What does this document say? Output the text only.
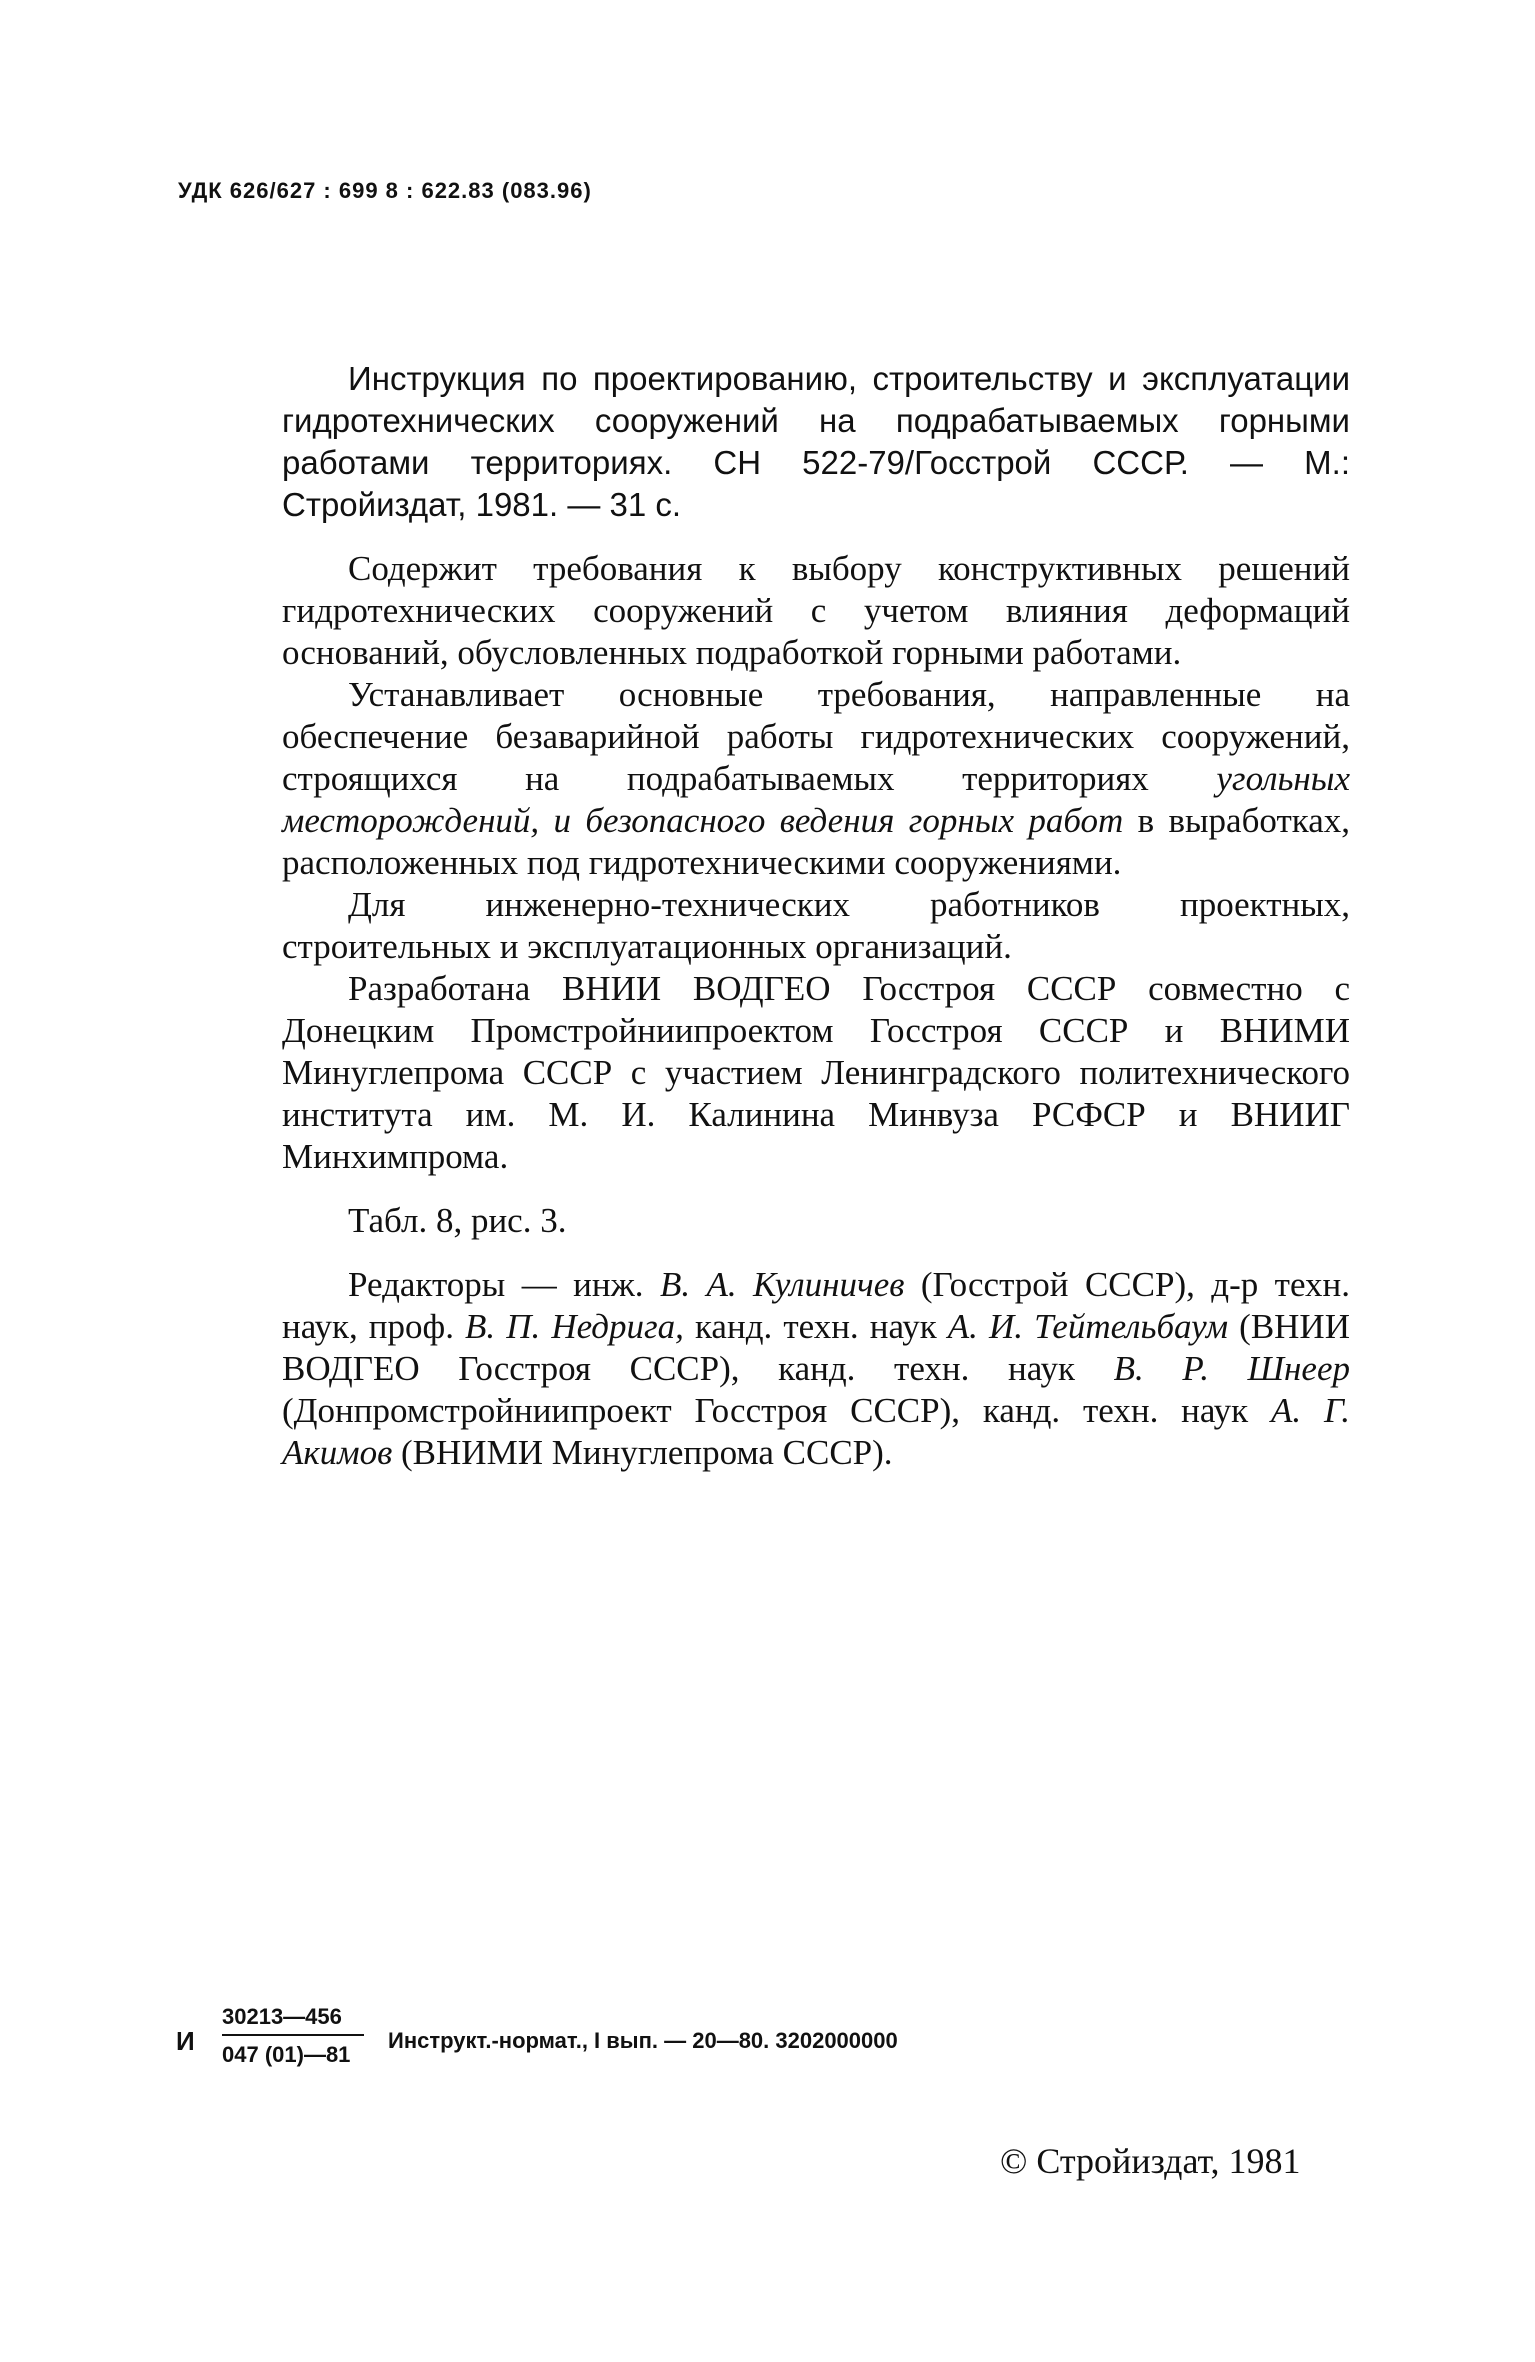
УДК 626/627 : 699 8 : 622.83 (083.96)

Инструкция по проектированию, строительству и эксплуатации гидротехнических сооружений на подрабатываемых горными работами территориях. СН 522-79/Госстрой СССР. — М.: Стройиздат, 1981. — 31 с.

Содержит требования к выбору конструктивных решений гидротехнических сооружений с учетом влияния деформаций оснований, обусловленных подработкой горными работами.

Устанавливает основные требования, направленные на обеспечение безаварийной работы гидротехнических сооружений, строящихся на подрабатываемых территориях угольных месторождений, и безопасного ведения горных работ в выработках, расположенных под гидротехническими сооружениями.

Для инженерно-технических работников проектных, строительных и эксплуатационных организаций.

Разработана ВНИИ ВОДГЕО Госстроя СССР совместно с Донецким Промстройниипроектом Госстроя СССР и ВНИМИ Минуглепрома СССР с участием Ленинградского политехнического института им. М. И. Калинина Минвуза РСФСР и ВНИИГ Минхимпрома.

Табл. 8, рис. 3.

Редакторы — инж. В. А. Кулиничев (Госстрой СССР), д-р техн. наук, проф. В. П. Недрига, канд. техн. наук А. И. Тейтельбаум (ВНИИ ВОДГЕО Госстроя СССР), канд. техн. наук В. Р. Шнеер (Донпромстройниипроект Госстроя СССР), канд. техн. наук А. Г. Акимов (ВНИМИ Минуглепрома СССР).

И $\frac{30213—456}{047 (01)—81}$ Инструкт.-нормат., I вып. — 20—80. 3202000000
© Стройиздат, 1981
